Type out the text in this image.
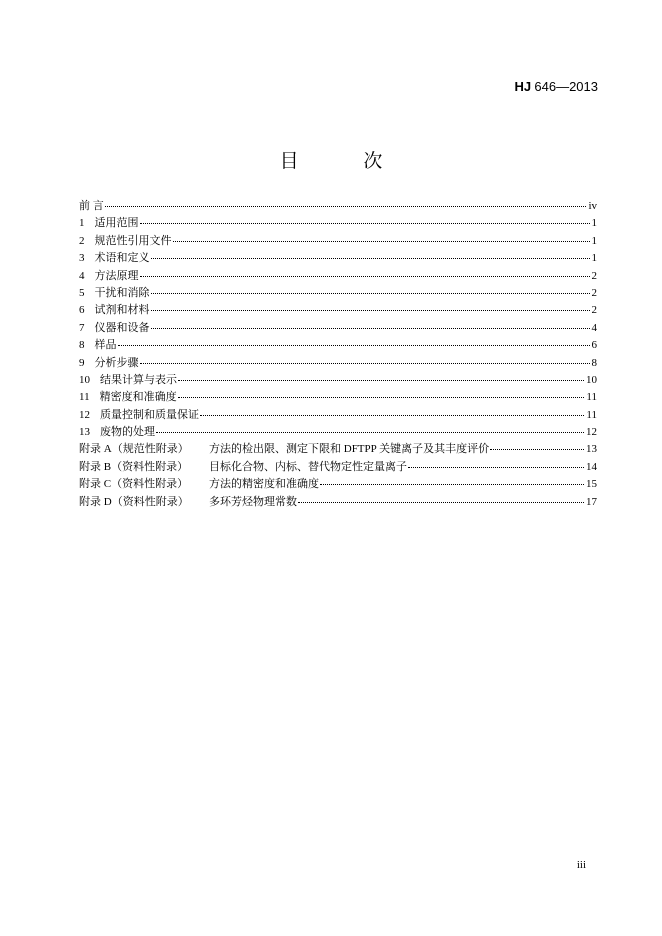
HJ 646—2013
目 次
前 言	iv
1 适用范围	1
2 规范性引用文件	1
3 术语和定义	1
4 方法原理	2
5 干扰和消除	2
6 试剂和材料	2
7 仪器和设备	4
8 样品	6
9 分析步骤	8
10 结果计算与表示	10
11 精密度和准确度	11
12 质量控制和质量保证	11
13 废物的处理	12
附录 A（规范性附录）	方法的检出限、测定下限和 DFTPP 关键离子及其丰度评价	13
附录 B（资料性附录）	目标化合物、内标、替代物定性定量离子	14
附录 C（资料性附录）	方法的精密度和准确度	15
附录 D（资料性附录）	多环芳烃物理常数	17
iii
